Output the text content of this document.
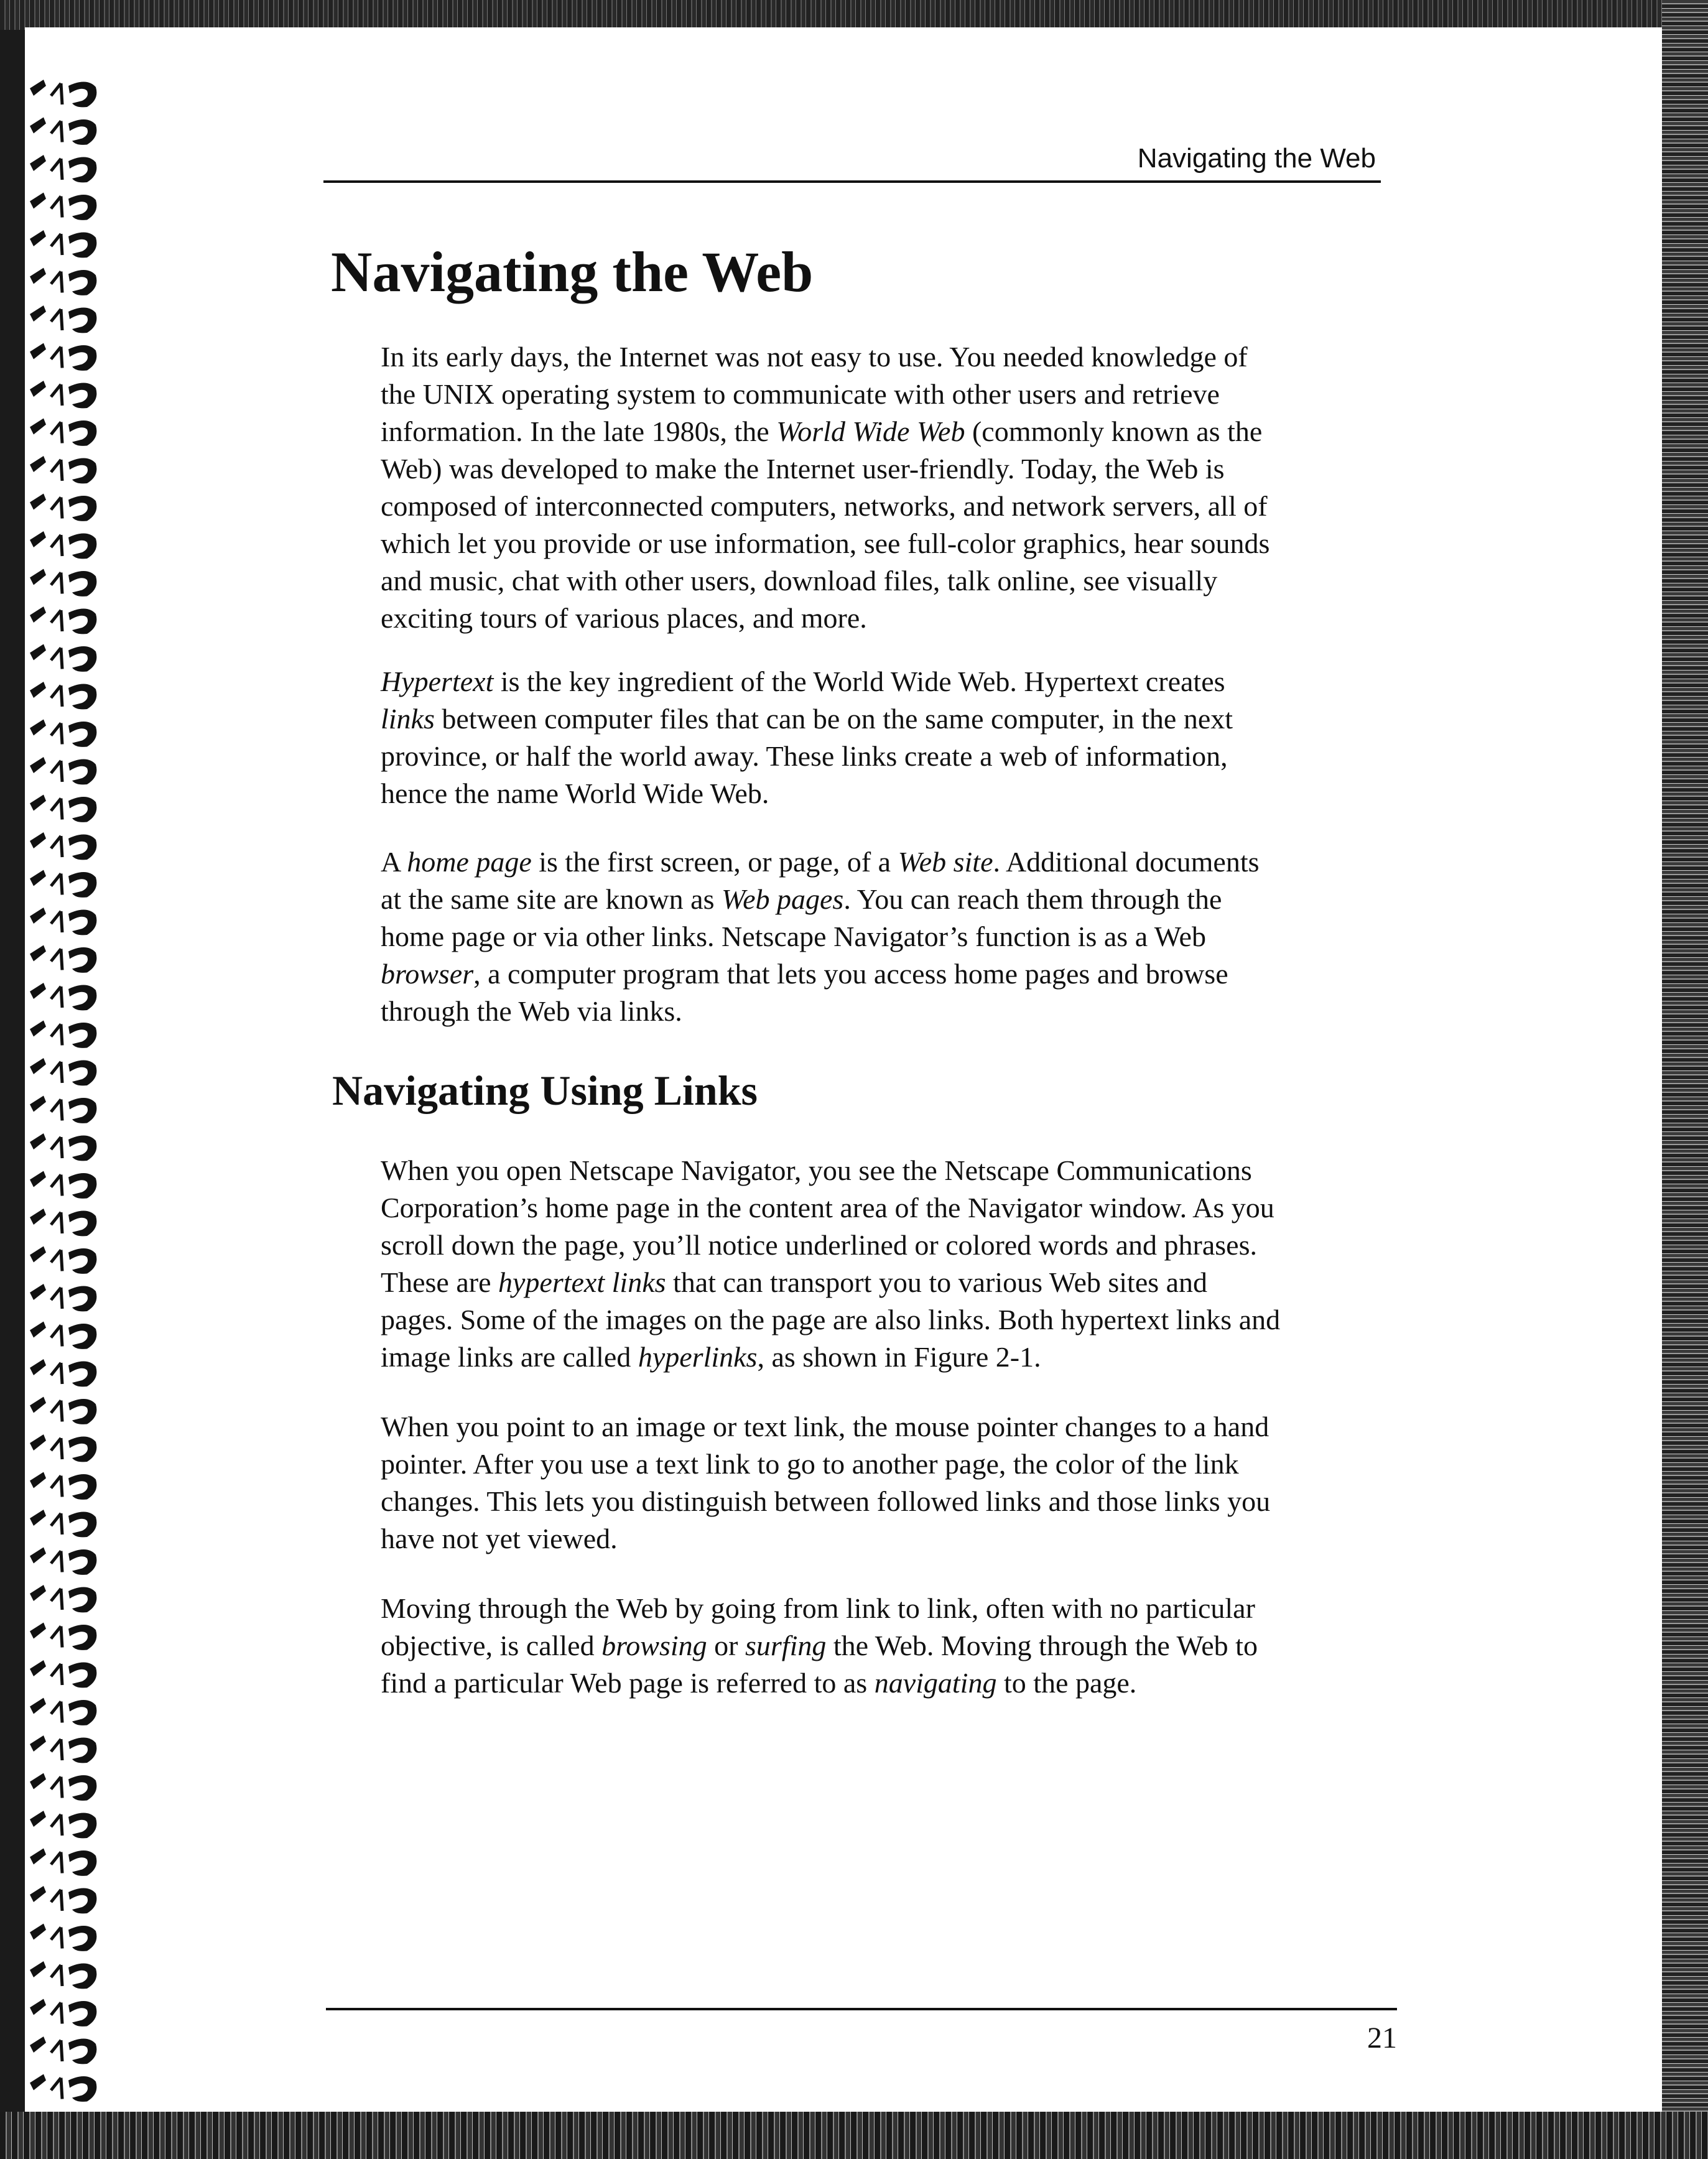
Navigating the Web
Navigating the Web
In its early days, the Internet was not easy to use. You needed knowledge of
the UNIX operating system to communicate with other users and retrieve
information. In the late 1980s, the World Wide Web (commonly known as the
Web) was developed to make the Internet user-friendly. Today, the Web is
composed of interconnected computers, networks, and network servers, all of
which let you provide or use information, see full-color graphics, hear sounds
and music, chat with other users, download files, talk online, see visually
exciting tours of various places, and more.
Hypertext is the key ingredient of the World Wide Web. Hypertext creates
links between computer files that can be on the same computer, in the next
province, or half the world away. These links create a web of information,
hence the name World Wide Web.
A home page is the first screen, or page, of a Web site. Additional documents
at the same site are known as Web pages. You can reach them through the
home page or via other links. Netscape Navigator’s function is as a Web
browser, a computer program that lets you access home pages and browse
through the Web via links.
Navigating Using Links
When you open Netscape Navigator, you see the Netscape Communications
Corporation’s home page in the content area of the Navigator window. As you
scroll down the page, you’ll notice underlined or colored words and phrases.
These are hypertext links that can transport you to various Web sites and
pages. Some of the images on the page are also links. Both hypertext links and
image links are called hyperlinks, as shown in Figure 2-1.
When you point to an image or text link, the mouse pointer changes to a hand
pointer. After you use a text link to go to another page, the color of the link
changes. This lets you distinguish between followed links and those links you
have not yet viewed.
Moving through the Web by going from link to link, often with no particular
objective, is called browsing or surfing the Web. Moving through the Web to
find a particular Web page is referred to as navigating to the page.
21
